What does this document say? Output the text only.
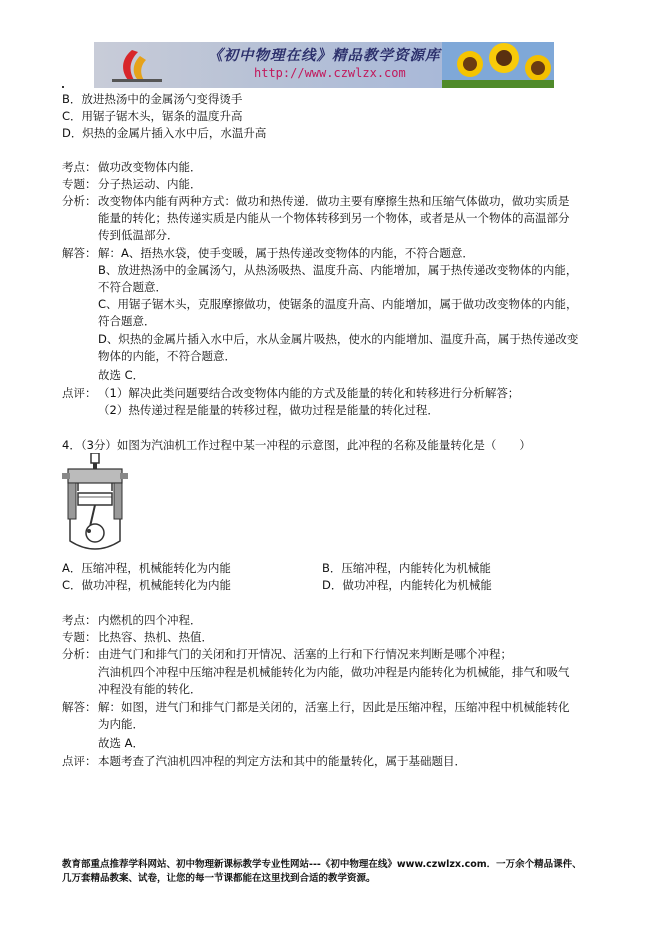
《初中物理在线》精品教学资源库
http://www.czwlzx.com
B．放进热汤中的金属汤勺变得烫手
C．用锯子锯木头，锯条的温度升高
D．炽热的金属片插入水中后，水温升高
考点： 做功改变物体内能．
专题： 分子热运动、内能．
分析： 改变物体内能有两种方式：做功和热传递．做功主要有摩擦生热和压缩气体做功，做功实质是
能量的转化；热传递实质是内能从一个物体转移到另一个物体，或者是从一个物体的高温部分
传到低温部分．
解答： 解：A、捂热水袋，使手变暖，属于热传递改变物体的内能，不符合题意．
B、放进热汤中的金属汤勺，从热汤吸热、温度升高、内能增加，属于热传递改变物体的内能，
不符合题意．
C、用锯子锯木头，克服摩擦做功，使锯条的温度升高、内能增加，属于做功改变物体的内能，
符合题意．
D、炽热的金属片插入水中后，水从金属片吸热，使水的内能增加、温度升高，属于热传递改变
物体的内能，不符合题意．
故选 C．
点评： （1）解决此类问题要结合改变物体内能的方式及能量的转化和转移进行分析解答；
（2）热传递过程是能量的转移过程，做功过程是能量的转化过程．
4．（3分）如图为汽油机工作过程中某一冲程的示意图，此冲程的名称及能量转化是（　　）
A．压缩冲程，机械能转化为内能	B．压缩冲程，内能转化为机械能
C．做功冲程，机械能转化为内能	D．做功冲程，内能转化为机械能
考点： 内燃机的四个冲程．
专题： 比热容、热机、热值．
分析： 由进气门和排气门的关闭和打开情况、活塞的上行和下行情况来判断是哪个冲程；
汽油机四个冲程中压缩冲程是机械能转化为内能，做功冲程是内能转化为机械能，排气和吸气
冲程没有能的转化．
解答： 解：如图，进气门和排气门都是关闭的，活塞上行，因此是压缩冲程，压缩冲程中机械能转化
为内能．
故选 A．
点评： 本题考查了汽油机四冲程的判定方法和其中的能量转化，属于基础题目．
教育部重点推荐学科网站、初中物理新课标教学专业性网站---《初中物理在线》www.czwlzx.com．一万余个精品课件、
几万套精品教案、试卷，让您的每一节课都能在这里找到合适的教学资源。
